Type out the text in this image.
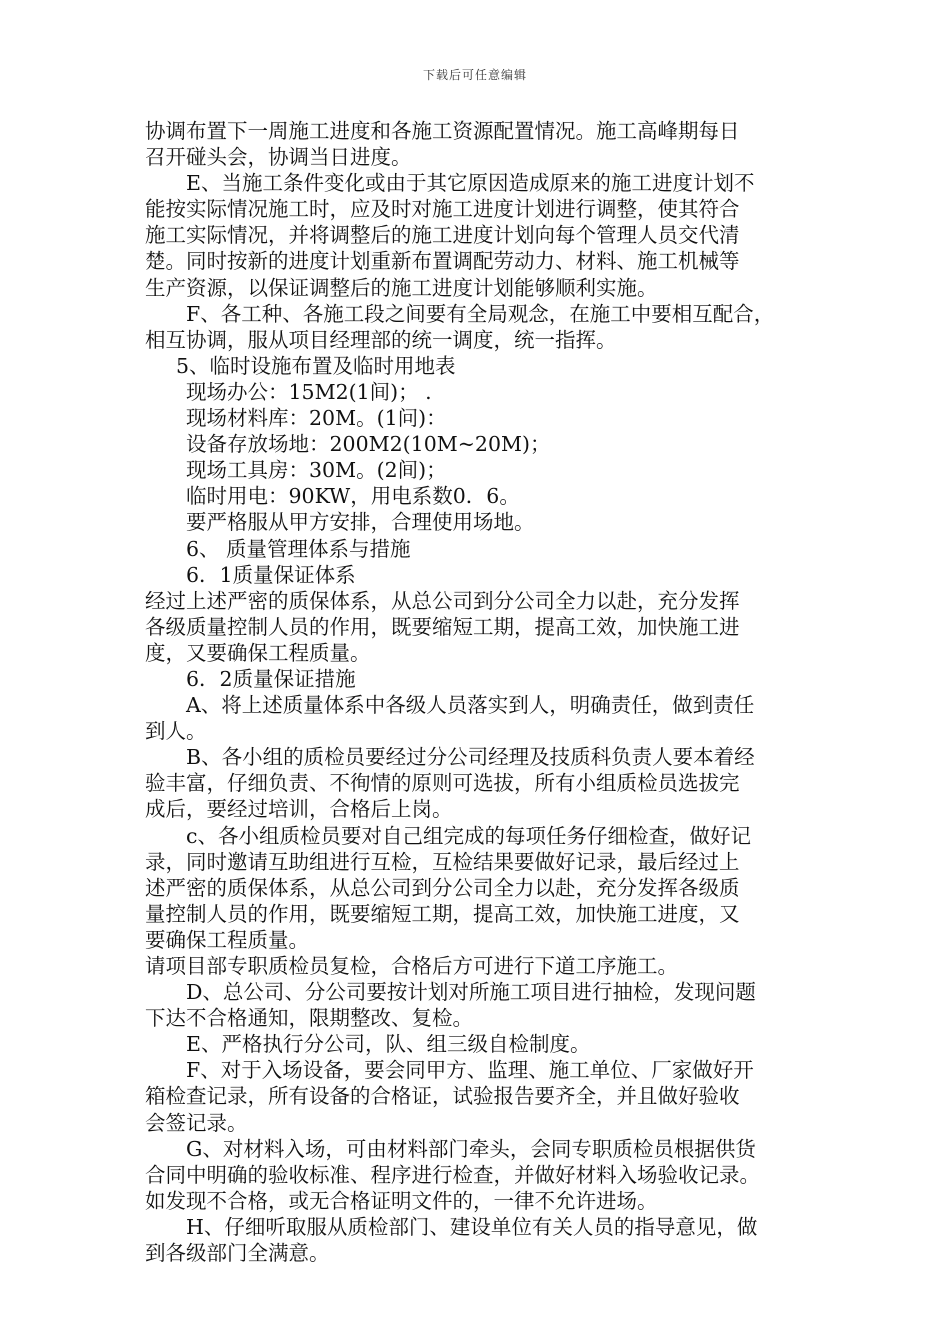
下载后可任意编辑
协调布置下一周施工进度和各施工资源配置情况。施工高峰期每日
召开碰头会，协调当日进度。
E、当施工条件变化或由于其它原因造成原来的施工进度计划不
能按实际情况施工时，应及时对施工进度计划进行调整，使其符合
施工实际情况，并将调整后的施工进度计划向每个管理人员交代清
楚。同时按新的进度计划重新布置调配劳动力、材料、施工机械等
生产资源，以保证调整后的施工进度计划能够顺利实施。
F、各工种、各施工段之间要有全局观念，在施工中要相互配合，
相互协调，服从项目经理部的统一调度，统一指挥。
5、临时设施布置及临时用地表
现场办公：15M2(1间)； .
现场材料库：20M。(1问)：
设备存放场地：200M2(10M~20M)；
现场工具房：30M。(2间)；
临时用电：90KW，用电系数0．6。
要严格服从甲方安排，合理使用场地。
6、 质量管理体系与措施
6．1质量保证体系
经过上述严密的质保体系，从总公司到分公司全力以赴，充分发挥
各级质量控制人员的作用，既要缩短工期，提高工效，加快施工进
度，又要确保工程质量。
6．2质量保证措施
A、将上述质量体系中各级人员落实到人，明确责任，做到责任
到人。
B、各小组的质检员要经过分公司经理及技质科负责人要本着经
验丰富，仔细负责、不徇情的原则可选拔，所有小组质检员选拔完
成后，要经过培训，合格后上岗。
c、各小组质检员要对自己组完成的每项任务仔细检查，做好记
录，同时邀请互助组进行互检，互检结果要做好记录，最后经过上
述严密的质保体系，从总公司到分公司全力以赴，充分发挥各级质
量控制人员的作用，既要缩短工期，提高工效，加快施工进度，又
要确保工程质量。
请项目部专职质检员复检，合格后方可进行下道工序施工。
D、总公司、分公司要按计划对所施工项目进行抽检，发现问题
下达不合格通知，限期整改、复检。
E、严格执行分公司，队、组三级自检制度。
F、对于入场设备，要会同甲方、监理、施工单位、厂家做好开
箱检查记录，所有设备的合格证，试验报告要齐全，并且做好验收
会签记录。
G、对材料入场，可由材料部门牵头，会同专职质检员根据供货
合同中明确的验收标准、程序进行检查，并做好材料入场验收记录。
如发现不合格，或无合格证明文件的，一律不允许进场。
H、仔细听取服从质检部门、建设单位有关人员的指导意见，做
到各级部门全满意。
